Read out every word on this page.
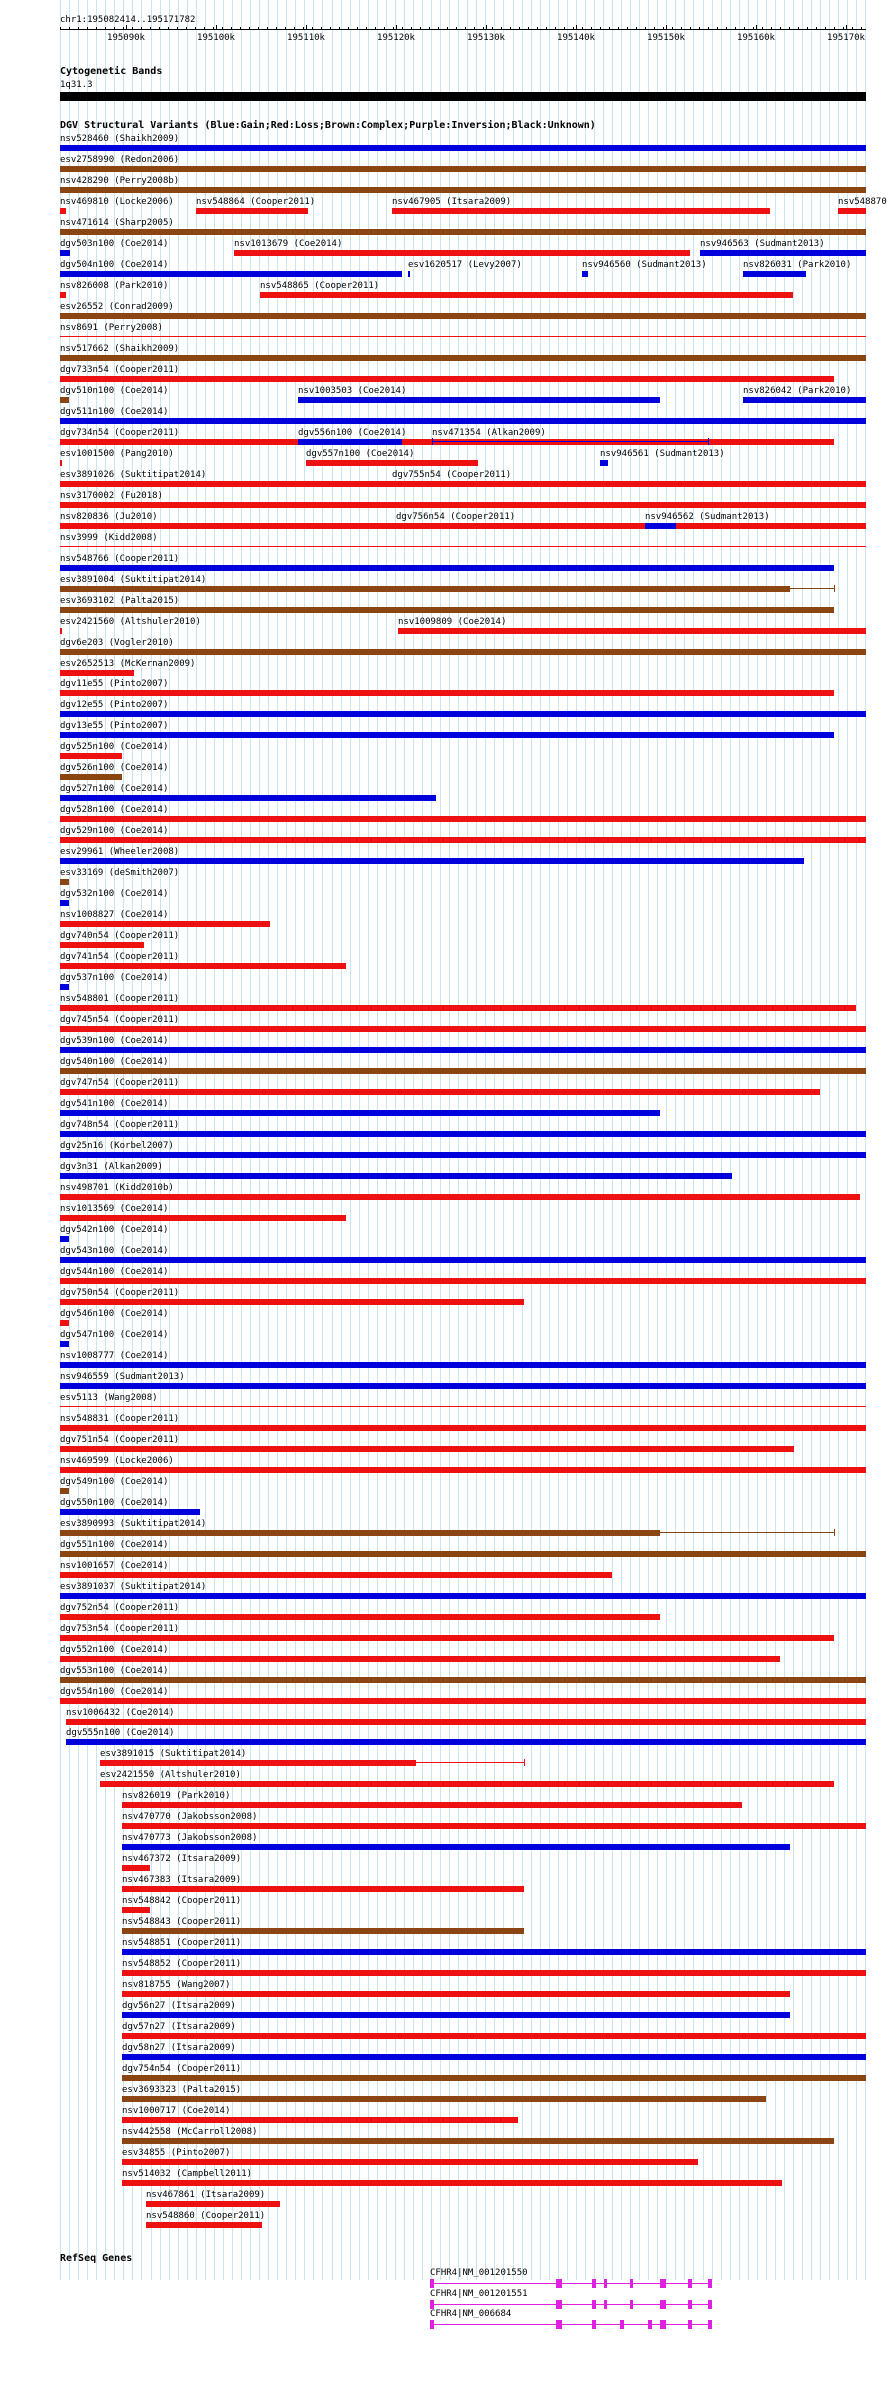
chr1:195082414..195171782
195090k	195100k	195110k	195120k	195130k	195140k	195150k	195160k	195170k
Cytogenetic Bands
1q31.3
DGV Structural Variants (Blue:Gain;Red:Loss;Brown:Complex;Purple:Inversion;Black:Unknown)
nsv528460 (Shaikh2009)
esv2758990 (Redon2006)
nsv428290 (Perry2008b)
nsv469810 (Locke2006) nsv548864 (Cooper2011)	nsv467905 (Itsara2009)	nsv548870
nsv471614 (Sharp2005)
dgv503n100 (Coe2014)	nsv1013679 (Coe2014)	nsv946563 (Sudmant2013)
dgv504n100 (Coe2014)	esv1620517 (Levy2007)	nsv946560 (Sudmant2013)	nsv826031 (Park2010)
nsv826008 (Park2010)	nsv548865 (Cooper2011)
esv26552 (Conrad2009)
nsv8691 (Perry2008)
nsv517662 (Shaikh2009)
dgv733n54 (Cooper2011)
dgv510n100 (Coe2014)	nsv1003503 (Coe2014)	nsv826042 (Park2010)
dgv511n100 (Coe2014)
dgv734n54 (Cooper2011)	dgv556n100 (Coe2014)	nsv471354 (Alkan2009)
esv1001500 (Pang2010)	dgv557n100 (Coe2014)	nsv946561 (Sudmant2013)
esv3891026 (Suktitipat2014)	dgv755n54 (Cooper2011)
nsv3170002 (Fu2018)
nsv820836 (Ju2010)	dgv756n54 (Cooper2011)	nsv946562 (Sudmant2013)
nsv3999 (Kidd2008)
nsv548766 (Cooper2011)
esv3891004 (Suktitipat2014)
esv3693102 (Palta2015)
esv2421560 (Altshuler2010)	nsv1009809 (Coe2014)
dgv6e203 (Vogler2010)
esv2652513 (McKernan2009)
dgv11e55 (Pinto2007)
dgv12e55 (Pinto2007)
dgv13e55 (Pinto2007)
dgv525n100 (Coe2014)
dgv526n100 (Coe2014)
dgv527n100 (Coe2014)
dgv528n100 (Coe2014)
dgv529n100 (Coe2014)
esv29961 (Wheeler2008)
esv33169 (deSmith2007)
dgv532n100 (Coe2014)
nsv1008827 (Coe2014)
dgv740n54 (Cooper2011)
dgv741n54 (Cooper2011)
dgv537n100 (Coe2014)
nsv548801 (Cooper2011)
dgv745n54 (Cooper2011)
dgv539n100 (Coe2014)
dgv540n100 (Coe2014)
dgv747n54 (Cooper2011)
dgv541n100 (Coe2014)
dgv748n54 (Cooper2011)
dgv25n16 (Korbel2007)
dgv3n31 (Alkan2009)
nsv498701 (Kidd2010b)
nsv1013569 (Coe2014)
dgv542n100 (Coe2014)
dgv543n100 (Coe2014)
dgv544n100 (Coe2014)
dgv750n54 (Cooper2011)
dgv546n100 (Coe2014)
dgv547n100 (Coe2014)
nsv1008777 (Coe2014)
nsv946559 (Sudmant2013)
esv5113 (Wang2008)
nsv548831 (Cooper2011)
dgv751n54 (Cooper2011)
nsv469599 (Locke2006)
dgv549n100 (Coe2014)
dgv550n100 (Coe2014)
esv3890993 (Suktitipat2014)
dgv551n100 (Coe2014)
nsv1001657 (Coe2014)
esv3891037 (Suktitipat2014)
dgv752n54 (Cooper2011)
dgv753n54 (Cooper2011)
dgv552n100 (Coe2014)
dgv553n100 (Coe2014)
dgv554n100 (Coe2014)
nsv1006432 (Coe2014)
dgv555n100 (Coe2014)
esv3891015 (Suktitipat2014)
esv2421550 (Altshuler2010)
nsv826019 (Park2010)
nsv470770 (Jakobsson2008)
nsv470773 (Jakobsson2008)
nsv467372 (Itsara2009)
nsv467383 (Itsara2009)
nsv548842 (Cooper2011)
nsv548843 (Cooper2011)
nsv548851 (Cooper2011)
nsv548852 (Cooper2011)
nsv818755 (Wang2007)
dgv56n27 (Itsara2009)
dgv57n27 (Itsara2009)
dgv58n27 (Itsara2009)
dgv754n54 (Cooper2011)
esv3693323 (Palta2015)
nsv1000717 (Coe2014)
nsv442558 (McCarroll2008)
esv34855 (Pinto2007)
nsv514032 (Campbell2011)
nsv467861 (Itsara2009)
nsv548860 (Cooper2011)
RefSeq Genes
CFHR4|NM_001201550
CFHR4|NM_001201551
CFHR4|NM_006684
